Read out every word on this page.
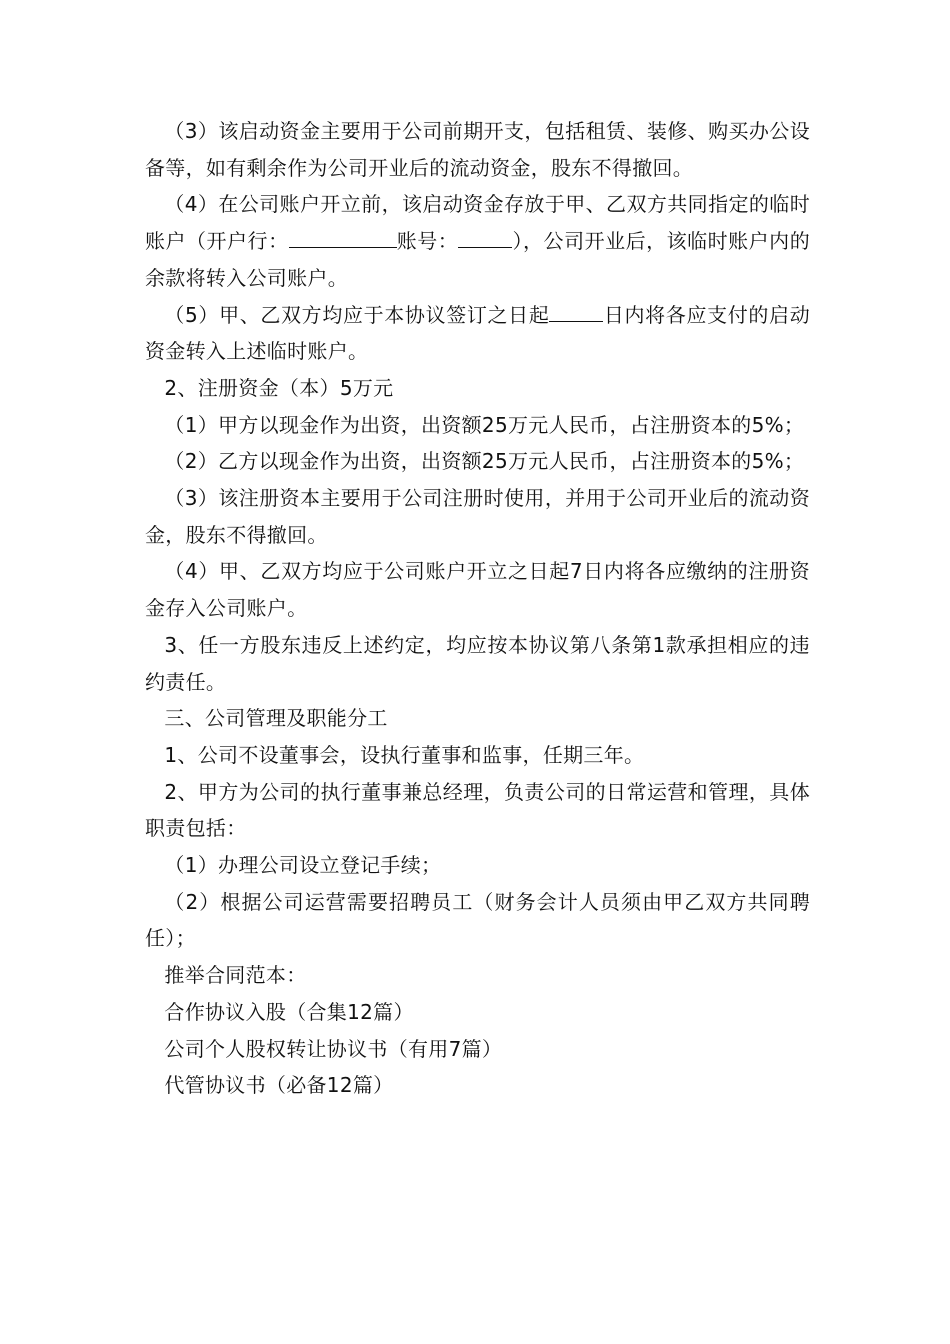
（3）该启动资金主要用于公司前期开支，包括租赁、装修、购买办公设备等，如有剩余作为公司开业后的流动资金，股东不得撤回。

（4）在公司账户开立前，该启动资金存放于甲、乙双方共同指定的临时账户（开户行：	账号：	），公司开业后，该临时账户内的余款将转入公司账户。

（5）甲、乙双方均应于本协议签订之日起	日内将各应支付的启动资金转入上述临时账户。

2、注册资金（本）5万元

（1）甲方以现金作为出资，出资额25万元人民币，占注册资本的5%；

（2）乙方以现金作为出资，出资额25万元人民币，占注册资本的5%；

（3）该注册资本主要用于公司注册时使用，并用于公司开业后的流动资金，股东不得撤回。

（4）甲、乙双方均应于公司账户开立之日起7日内将各应缴纳的注册资金存入公司账户。

3、任一方股东违反上述约定，均应按本协议第八条第1款承担相应的违约责任。

三、公司管理及职能分工

1、公司不设董事会，设执行董事和监事，任期三年。

2、甲方为公司的执行董事兼总经理，负责公司的日常运营和管理，具体职责包括：

（1）办理公司设立登记手续；

（2）根据公司运营需要招聘员工（财务会计人员须由甲乙双方共同聘任）；

推举合同范本：

合作协议入股（合集12篇）

公司个人股权转让协议书（有用7篇）

代管协议书（必备12篇）
